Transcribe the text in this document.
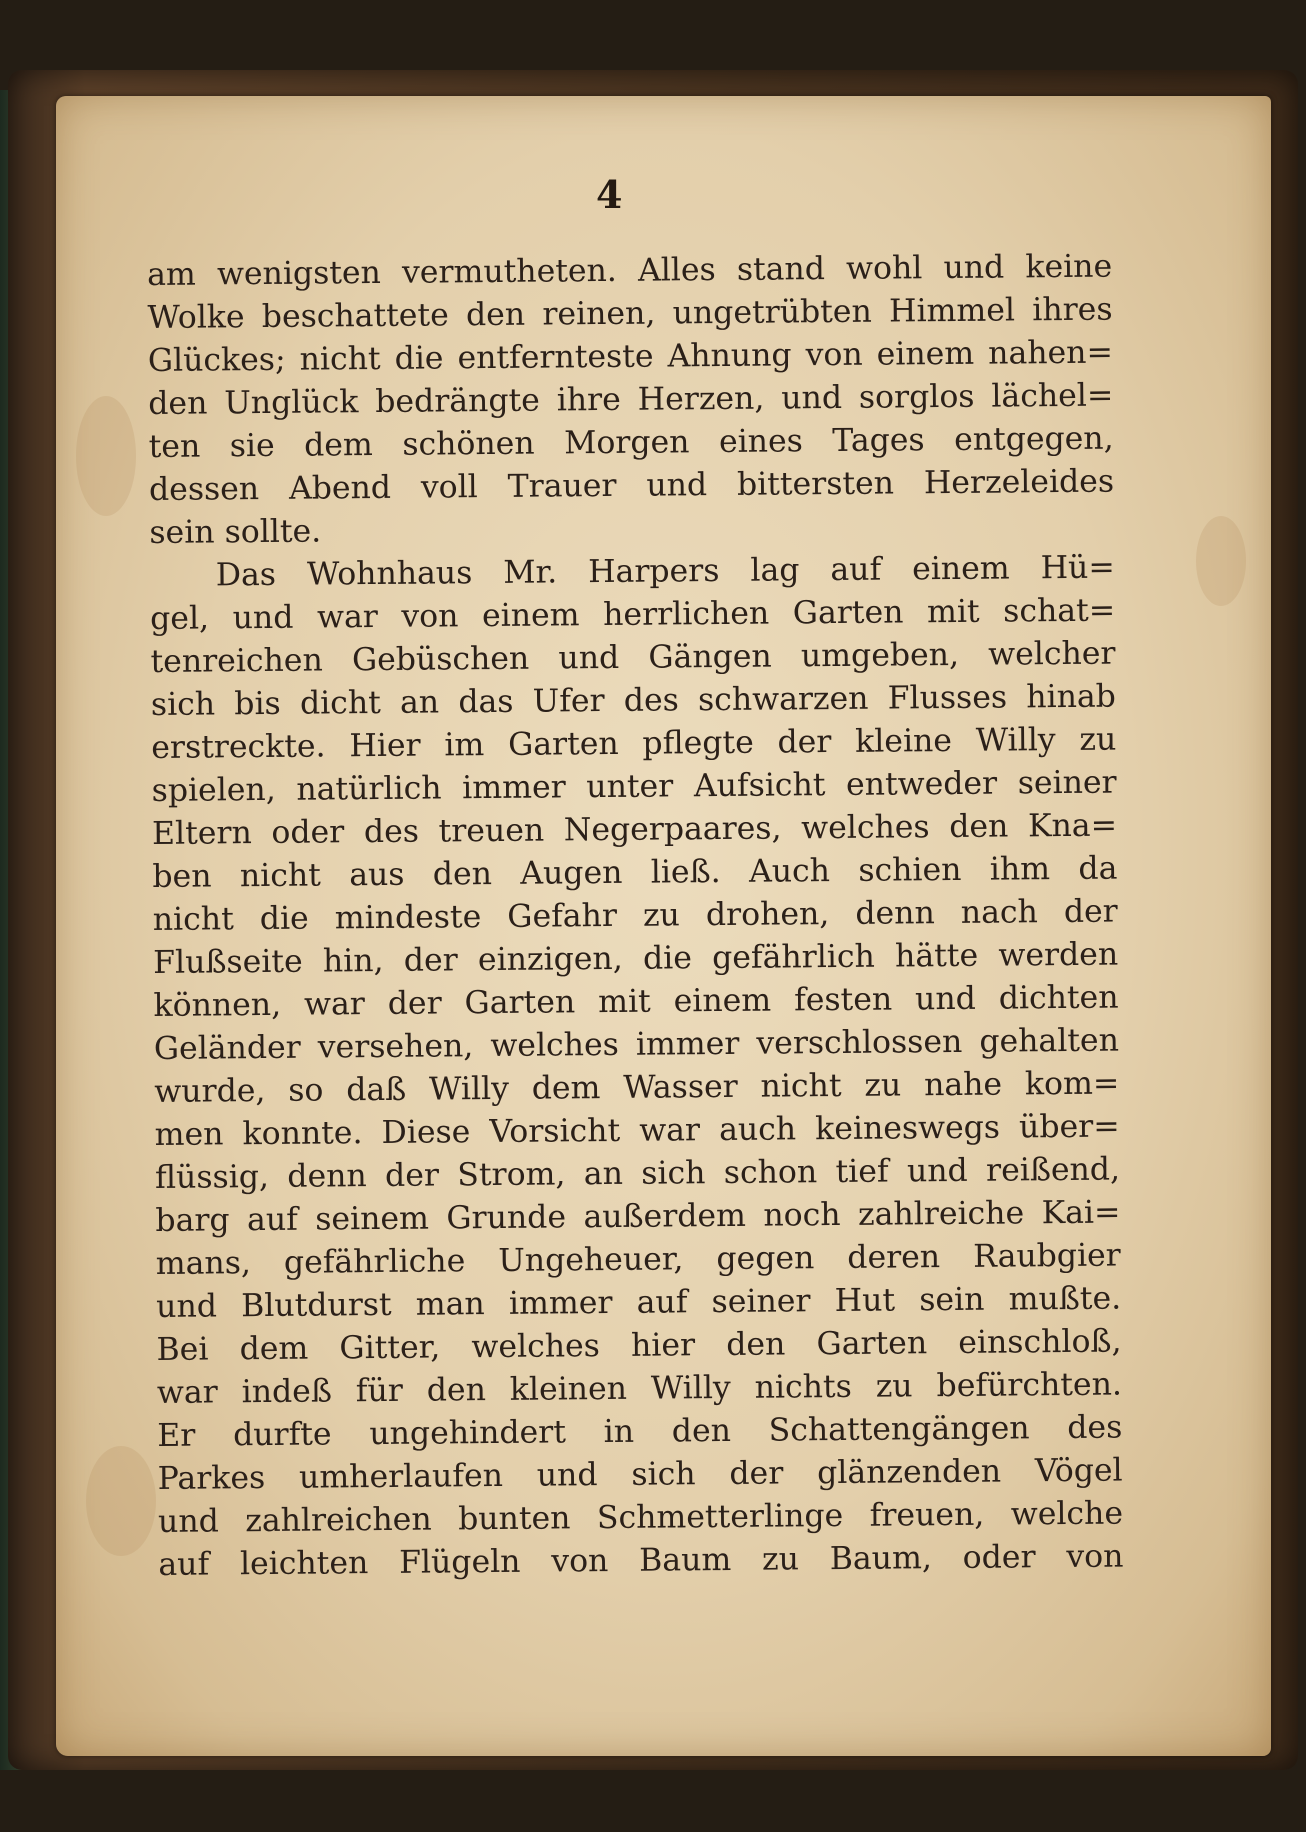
4
am wenigsten vermutheten. Alles stand wohl und keine
Wolke beschattete den reinen, ungetrübten Himmel ihres
Glückes; nicht die entfernteste Ahnung von einem nahen=
den Unglück bedrängte ihre Herzen, und sorglos lächel=
ten sie dem schönen Morgen eines Tages entgegen,
dessen Abend voll Trauer und bittersten Herzeleides
sein sollte.
Das Wohnhaus Mr. Harpers lag auf einem Hü=
gel, und war von einem herrlichen Garten mit schat=
tenreichen Gebüschen und Gängen umgeben, welcher
sich bis dicht an das Ufer des schwarzen Flusses hinab
erstreckte. Hier im Garten pflegte der kleine Willy zu
spielen, natürlich immer unter Aufsicht entweder seiner
Eltern oder des treuen Negerpaares, welches den Kna=
ben nicht aus den Augen ließ. Auch schien ihm da
nicht die mindeste Gefahr zu drohen, denn nach der
Flußseite hin, der einzigen, die gefährlich hätte werden
können, war der Garten mit einem festen und dichten
Geländer versehen, welches immer verschlossen gehalten
wurde, so daß Willy dem Wasser nicht zu nahe kom=
men konnte. Diese Vorsicht war auch keineswegs über=
flüssig, denn der Strom, an sich schon tief und reißend,
barg auf seinem Grunde außerdem noch zahlreiche Kai=
mans, gefährliche Ungeheuer, gegen deren Raubgier
und Blutdurst man immer auf seiner Hut sein mußte.
Bei dem Gitter, welches hier den Garten einschloß,
war indeß für den kleinen Willy nichts zu befürchten.
Er durfte ungehindert in den Schattengängen des
Parkes umherlaufen und sich der glänzenden Vögel
und zahlreichen bunten Schmetterlinge freuen, welche
auf leichten Flügeln von Baum zu Baum, oder von
